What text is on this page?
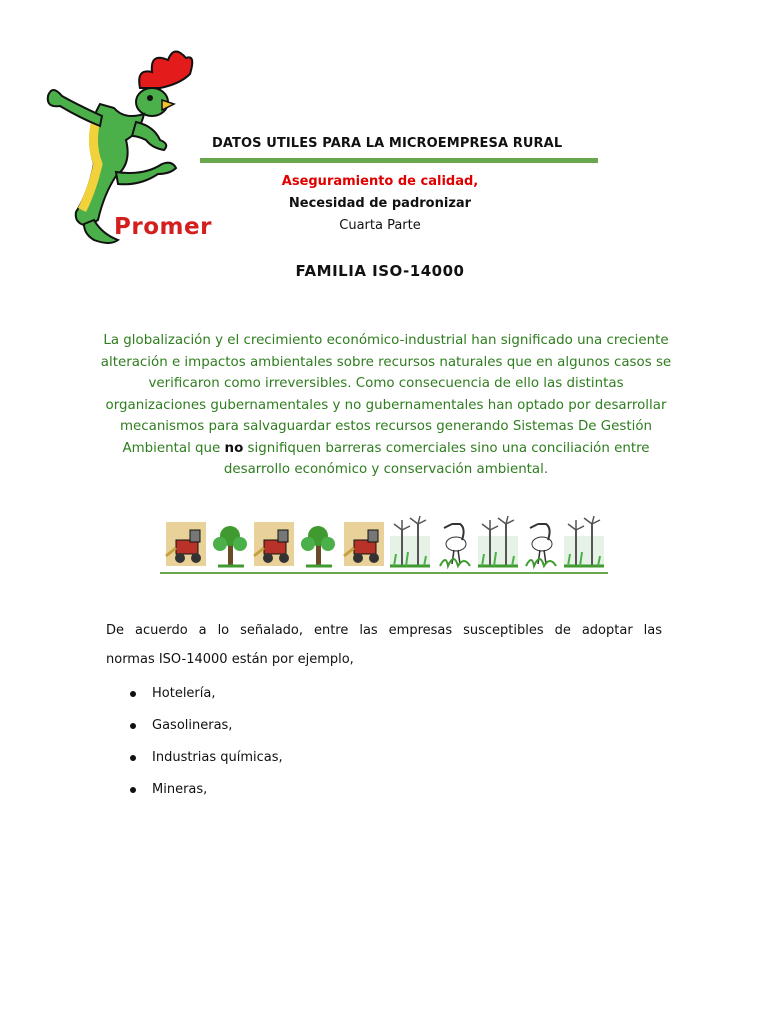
Promer
DATOS UTILES PARA LA MICROEMPRESA RURAL
Aseguramiento de calidad,
Necesidad de padronizar
Cuarta Parte
FAMILIA ISO-14000
La globalización y el crecimiento económico-industrial han significado una creciente alteración e impactos ambientales sobre recursos naturales que en algunos casos se verificaron como irreversibles. Como consecuencia de ello las distintas organizaciones gubernamentales y no gubernamentales han optado por desarrollar mecanismos para salvaguardar estos recursos generando Sistemas De Gestión Ambiental que no signifiquen barreras comerciales sino una conciliación entre desarrollo económico y conservación ambiental.
De acuerdo a lo señalado, entre las empresas susceptibles de adoptar las
normas ISO-14000 están por ejemplo,
Hotelería,
Gasolineras,
Industrias químicas,
Mineras,
